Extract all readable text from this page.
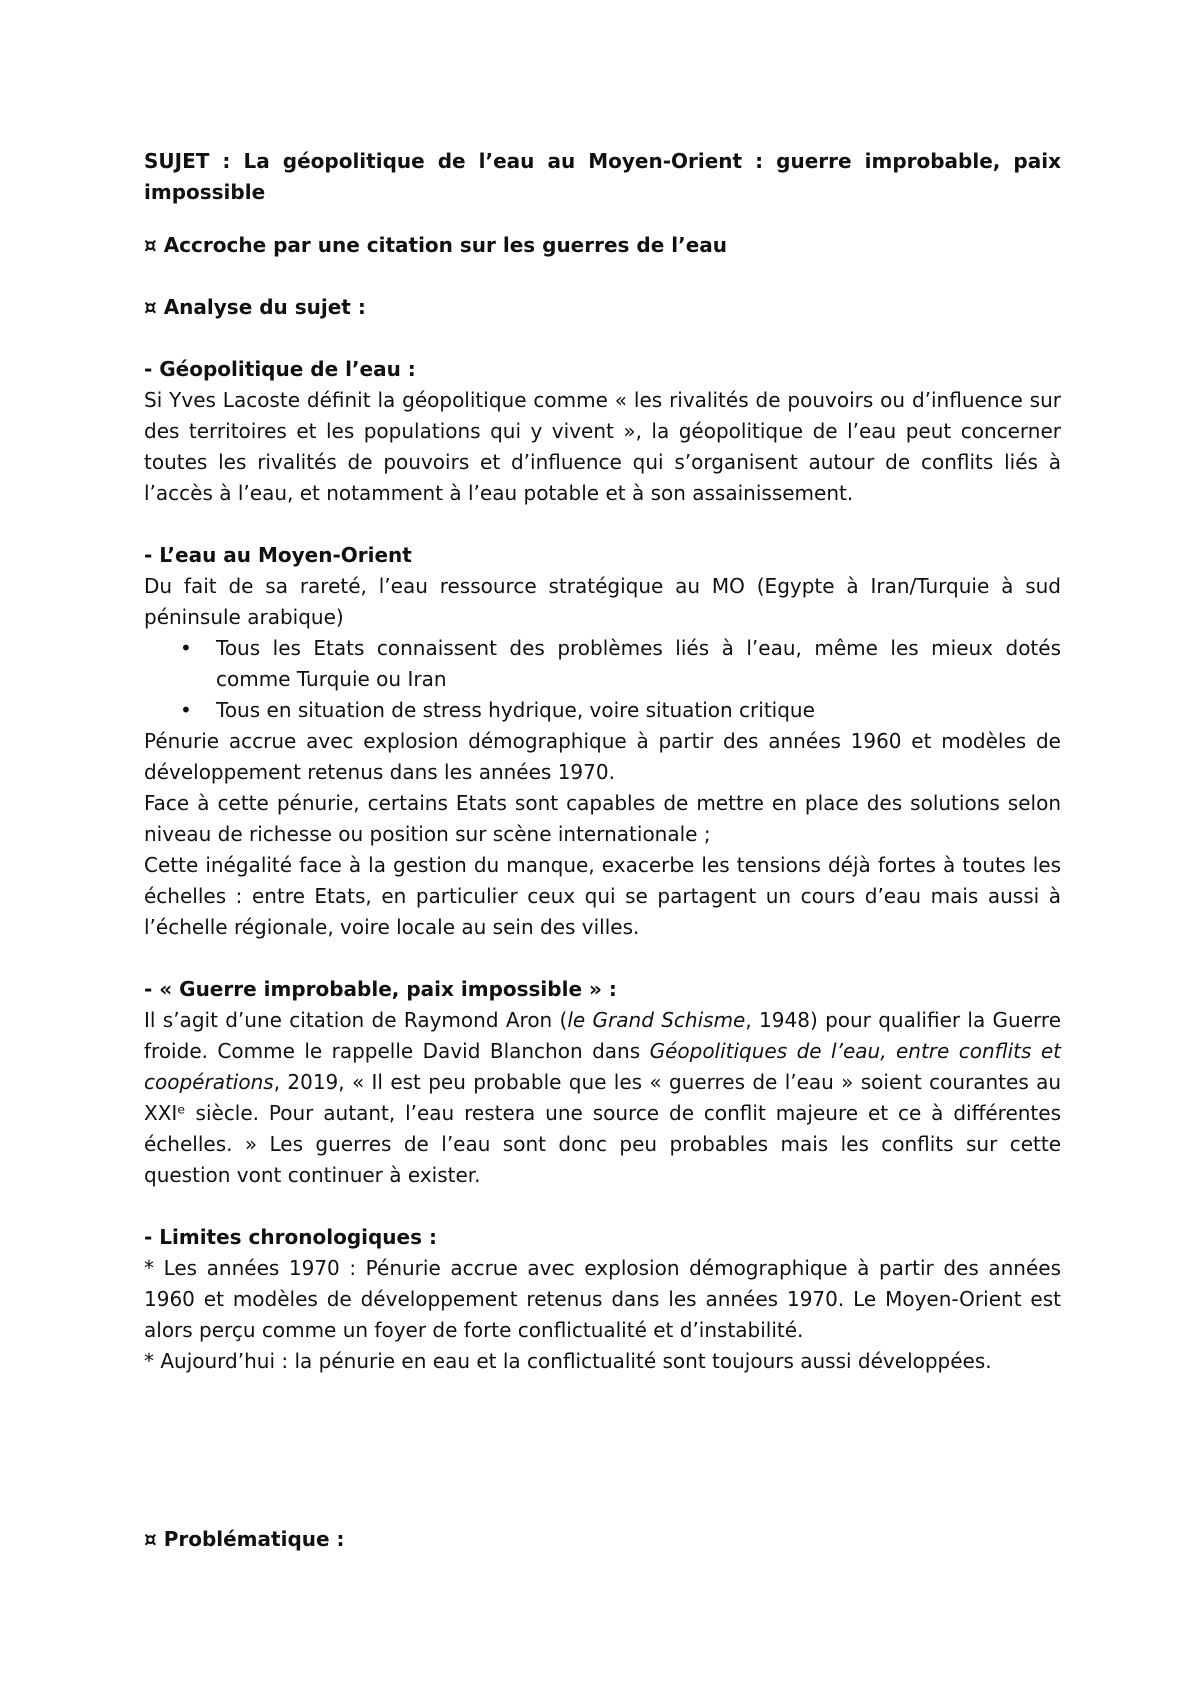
SUJET : La géopolitique de l’eau au Moyen-Orient : guerre improbable, paix impossible

¤ Accroche par une citation sur les guerres de l’eau

¤ Analyse du sujet :

- Géopolitique de l’eau :

Si Yves Lacoste définit la géopolitique comme « les rivalités de pouvoirs ou d’influence sur des territoires et les populations qui y vivent », la géopolitique de l’eau peut concerner toutes les rivalités de pouvoirs et d’influence qui s’organisent autour de conflits liés à l’accès à l’eau, et notamment à l’eau potable et à son assainissement.

- L’eau au Moyen-Orient

Du fait de sa rareté, l’eau ressource stratégique au MO (Egypte à Iran/Turquie à sud péninsule arabique)

• Tous les Etats connaissent des problèmes liés à l’eau, même les mieux dotés comme Turquie ou Iran
• Tous en situation de stress hydrique, voire situation critique

Pénurie accrue avec explosion démographique à partir des années 1960 et modèles de développement retenus dans les années 1970.

Face à cette pénurie, certains Etats sont capables de mettre en place des solutions selon niveau de richesse ou position sur scène internationale ;

Cette inégalité face à la gestion du manque, exacerbe les tensions déjà fortes à toutes les échelles : entre Etats, en particulier ceux qui se partagent un cours d’eau mais aussi à l’échelle régionale, voire locale au sein des villes.

- « Guerre improbable, paix impossible » :

Il s’agit d’une citation de Raymond Aron (le Grand Schisme, 1948) pour qualifier la Guerre froide. Comme le rappelle David Blanchon dans Géopolitiques de l’eau, entre conflits et coopérations, 2019, « Il est peu probable que les « guerres de l’eau » soient courantes au XXIᵉ siècle. Pour autant, l’eau restera une source de conflit majeure et ce à différentes échelles. » Les guerres de l’eau sont donc peu probables mais les conflits sur cette question vont continuer à exister.

- Limites chronologiques :

* Les années 1970 : Pénurie accrue avec explosion démographique à partir des années 1960 et modèles de développement retenus dans les années 1970. Le Moyen-Orient est alors perçu comme un foyer de forte conflictualité et d’instabilité.

* Aujourd’hui : la pénurie en eau et la conflictualité sont toujours aussi développées.

¤ Problématique :
